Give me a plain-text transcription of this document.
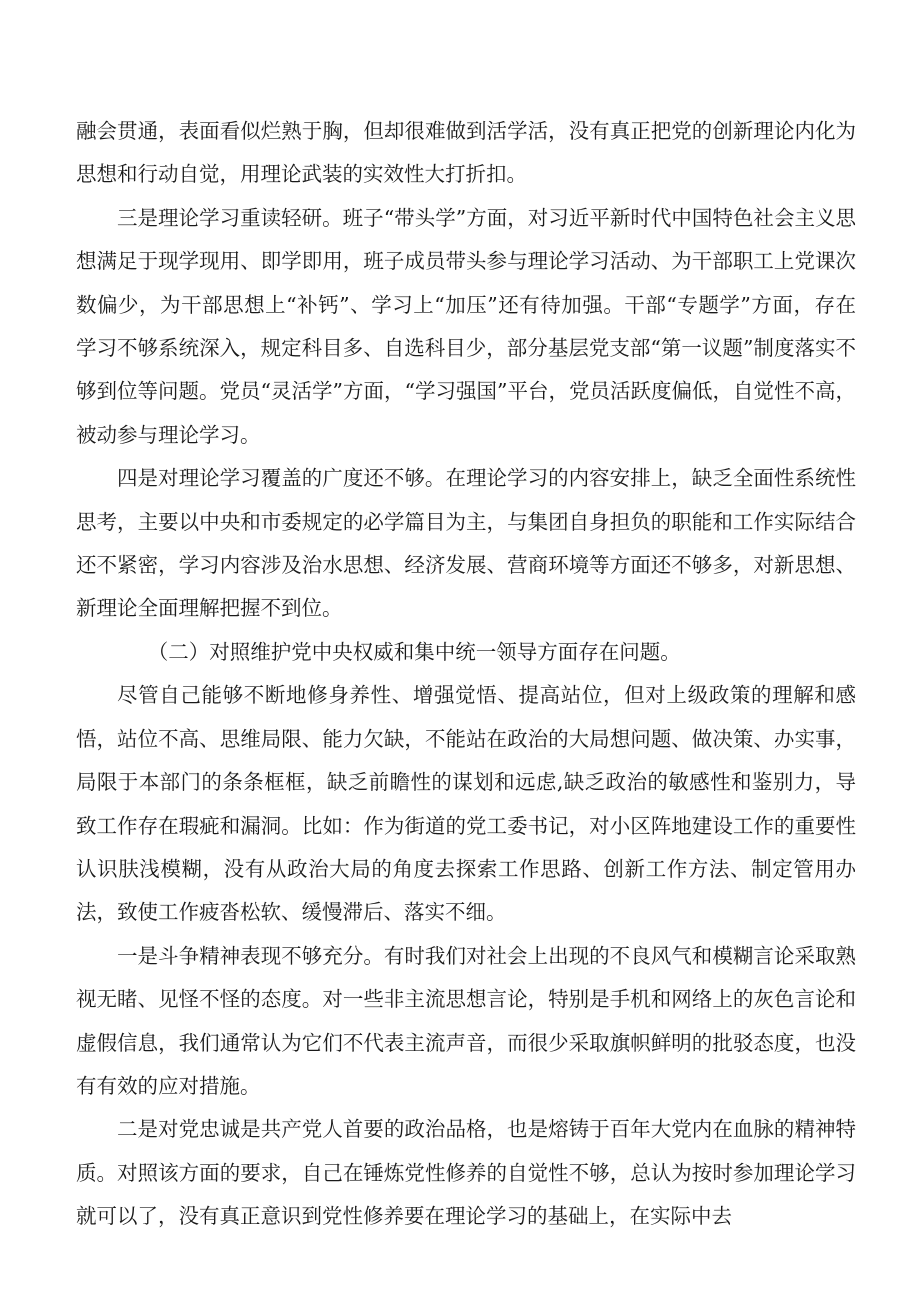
融会贯通，表面看似烂熟于胸，但却很难做到活学活，没有真正把党的创新理论内化为思想和行动自觉，用理论武装的实效性大打折扣。

三是理论学习重读轻研。班子“带头学”方面，对习近平新时代中国特色社会主义思想满足于现学现用、即学即用，班子成员带头参与理论学习活动、为干部职工上党课次数偏少，为干部思想上“补钙”、学习上“加压”还有待加强。干部“专题学”方面，存在学习不够系统深入，规定科目多、自选科目少，部分基层党支部“第一议题”制度落实不够到位等问题。党员“灵活学”方面，“学习强国”平台，党员活跃度偏低，自觉性不高，被动参与理论学习。

四是对理论学习覆盖的广度还不够。在理论学习的内容安排上，缺乏全面性系统性思考，主要以中央和市委规定的必学篇目为主，与集团自身担负的职能和工作实际结合还不紧密，学习内容涉及治水思想、经济发展、营商环境等方面还不够多，对新思想、新理论全面理解把握不到位。

（二）对照维护党中央权威和集中统一领导方面存在问题。

尽管自己能够不断地修身养性、增强觉悟、提高站位，但对上级政策的理解和感悟，站位不高、思维局限、能力欠缺，不能站在政治的大局想问题、做决策、办实事，局限于本部门的条条框框，缺乏前瞻性的谋划和远虑,缺乏政治的敏感性和鉴别力，导致工作存在瑕疵和漏洞。比如：作为街道的党工委书记，对小区阵地建设工作的重要性认识肤浅模糊，没有从政治大局的角度去探索工作思路、创新工作方法、制定管用办法，致使工作疲沓松软、缓慢滞后、落实不细。

一是斗争精神表现不够充分。有时我们对社会上出现的不良风气和模糊言论采取熟视无睹、见怪不怪的态度。对一些非主流思想言论，特别是手机和网络上的灰色言论和虚假信息，我们通常认为它们不代表主流声音，而很少采取旗帜鲜明的批驳态度，也没有有效的应对措施。

二是对党忠诚是共产党人首要的政治品格，也是熔铸于百年大党内在血脉的精神特质。对照该方面的要求，自己在锤炼党性修养的自觉性不够，总认为按时参加理论学习就可以了，没有真正意识到党性修养要在理论学习的基础上，在实际中去
